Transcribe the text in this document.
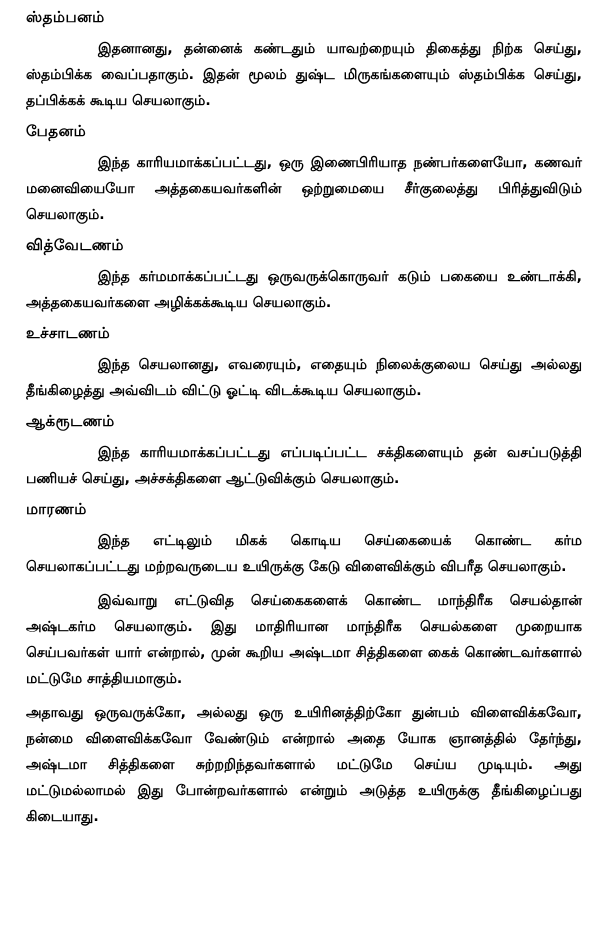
ஸ்தம்பனம்

இதனானது, தன்னைக் கண்டதும் யாவற்றையும் திகைத்து நிற்க செய்து, ஸ்தம்பிக்க வைப்பதாகும். இதன் மூலம் துஷ்ட மிருகங்களையும் ஸ்தம்பிக்க செய்து, தப்பிக்கக் கூடிய செயலாகும்.

பேதனம்

இந்த காரியமாக்கப்பட்டது, ஒரு இணைபிரியாத நண்பர்களையோ, கணவர் மனைவியையோ அத்தகையவர்களின் ஒற்றுமையை சீர்குலைத்து பிரித்துவிடும் செயலாகும்.

வித்வேடணம்

இந்த கர்மமாக்கப்பட்டது ஒருவருக்கொருவர் கடும் பகையை உண்டாக்கி, அத்தகையவர்களை அழிக்கக்கூடிய செயலாகும்.

உச்சாடணம்

இந்த செயலானது, எவரையும், எதையும் நிலைக்குலைய செய்து அல்லது தீங்கிழைத்து அவ்விடம் விட்டு ஓட்டி விடக்கூடிய செயலாகும்.

ஆக்ரூடணம்

இந்த காரியமாக்கப்பட்டது எப்படிப்பட்ட சக்திகளையும் தன் வசப்படுத்தி பணியச் செய்து, அச்சக்திகளை ஆட்டுவிக்கும் செயலாகும்.

மாரணம்

இந்த எட்டிலும் மிகக் கொடிய செய்கையைக் கொண்ட கர்ம செயலாகப்பட்டது மற்றவருடைய உயிருக்கு கேடு விளைவிக்கும் விபரீத செயலாகும்.

இவ்வாறு எட்டுவித செய்கைகளைக் கொண்ட மாந்திரீக செயல்தான் அஷ்டகர்ம செயலாகும். இது மாதிரியான மாந்திரீக செயல்களை முறையாக செய்பவர்கள் யார் என்றால், முன் கூறிய அஷ்டமா சித்திகளை கைக் கொண்டவர்களால் மட்டுமே சாத்தியமாகும்.

அதாவது ஒருவருக்கோ, அல்லது ஒரு உயிரினத்திற்கோ துன்பம் விளைவிக்கவோ, நன்மை விளைவிக்கவோ வேண்டும் என்றால் அதை யோக ஞானத்தில் தேர்ந்து, அஷ்டமா சித்திகளை சுற்றறிந்தவர்களால் மட்டுமே செய்ய முடியும். அது மட்டுமல்லாமல் இது போன்றவர்களால் என்றும் அடுத்த உயிருக்கு தீங்கிழைப்பது கிடையாது.
